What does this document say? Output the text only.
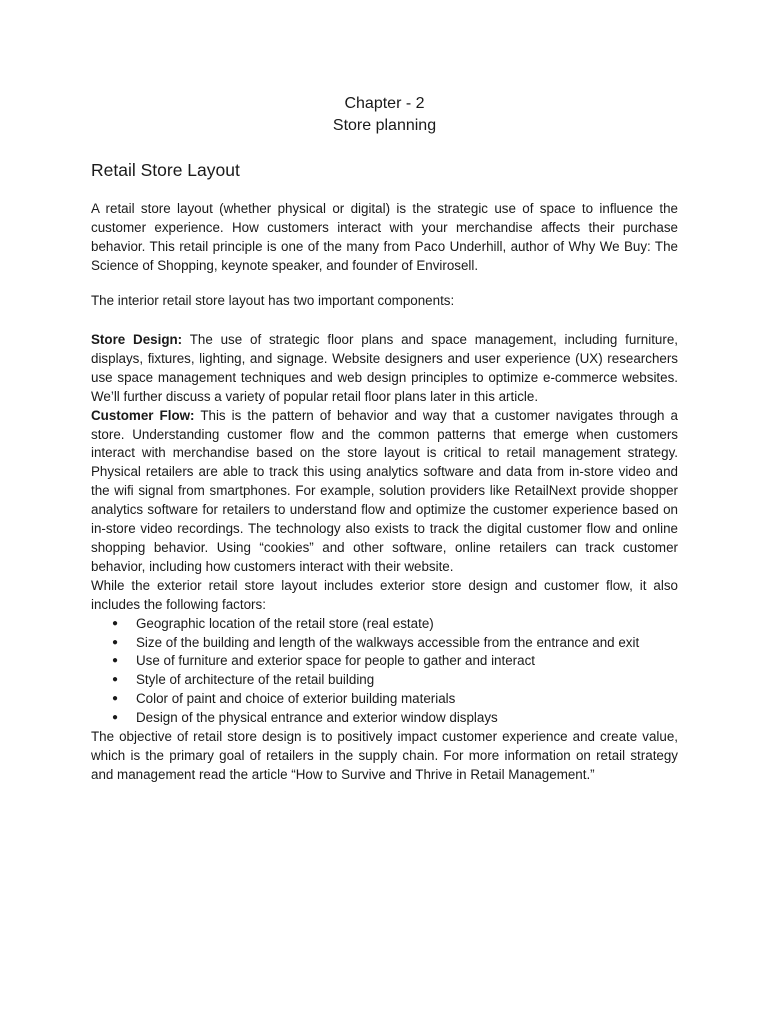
Chapter - 2
Store planning
Retail Store Layout

A retail store layout (whether physical or digital) is the strategic use of space to influence the customer experience. How customers interact with your merchandise affects their purchase behavior. This retail principle is one of the many from Paco Underhill, author of Why We Buy: The Science of Shopping, keynote speaker, and founder of Envirosell.

The interior retail store layout has two important components:

Store Design: The use of strategic floor plans and space management, including furniture, displays, fixtures, lighting, and signage. Website designers and user experience (UX) researchers use space management techniques and web design principles to optimize e-commerce websites. We’ll further discuss a variety of popular retail floor plans later in this article.

Customer Flow: This is the pattern of behavior and way that a customer navigates through a store. Understanding customer flow and the common patterns that emerge when customers interact with merchandise based on the store layout is critical to retail management strategy. Physical retailers are able to track this using analytics software and data from in-store video and the wifi signal from smartphones. For example, solution providers like RetailNext provide shopper analytics software for retailers to understand flow and optimize the customer experience based on in-store video recordings. The technology also exists to track the digital customer flow and online shopping behavior. Using “cookies” and other software, online retailers can track customer behavior, including how customers interact with their website.

While the exterior retail store layout includes exterior store design and customer flow, it also includes the following factors:

● Geographic location of the retail store (real estate)
● Size of the building and length of the walkways accessible from the entrance and exit
● Use of furniture and exterior space for people to gather and interact
● Style of architecture of the retail building
● Color of paint and choice of exterior building materials
● Design of the physical entrance and exterior window displays

The objective of retail store design is to positively impact customer experience and create value, which is the primary goal of retailers in the supply chain. For more information on retail strategy and management read the article “How to Survive and Thrive in Retail Management.”
